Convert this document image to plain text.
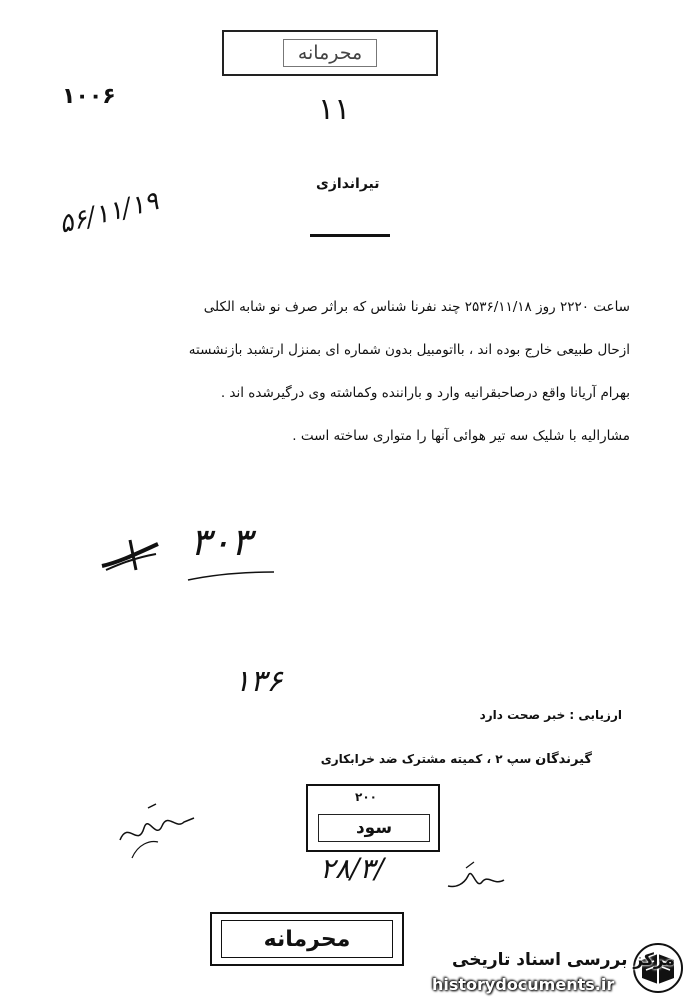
محرمانه
۱۰۰۶	۱۱
۵۶/۱۱/۱۹
تیراندازی

ساعت ۲۲۲۰ روز ۲۵۳۶/۱۱/۱۸ چند نفرنا شناس که براثر صرف نو شابه الکلی

ازحال طبیعی خارج بوده اند ، بااتومبیل بدون شماره ای بمنزل ارتشبد بازنشسته

بهرام آریانا واقع درصاحبقرانیه وارد و باراننده وکماشته وی درگیرشده اند .

مشارالیه با شلیک سه تیر هوائی آنها را متواری ساخته است .

۳۰۳
۱۳۶
ارزیابی : خبر صحت دارد
گیرندگان
، سپ ۲ ، کمیته مشترک ضد خرابکاری
۲۰۰
سود
۲۸/۳/
محرمانه
مرکز بررسی اسناد تاریخی
historydocuments.ir
